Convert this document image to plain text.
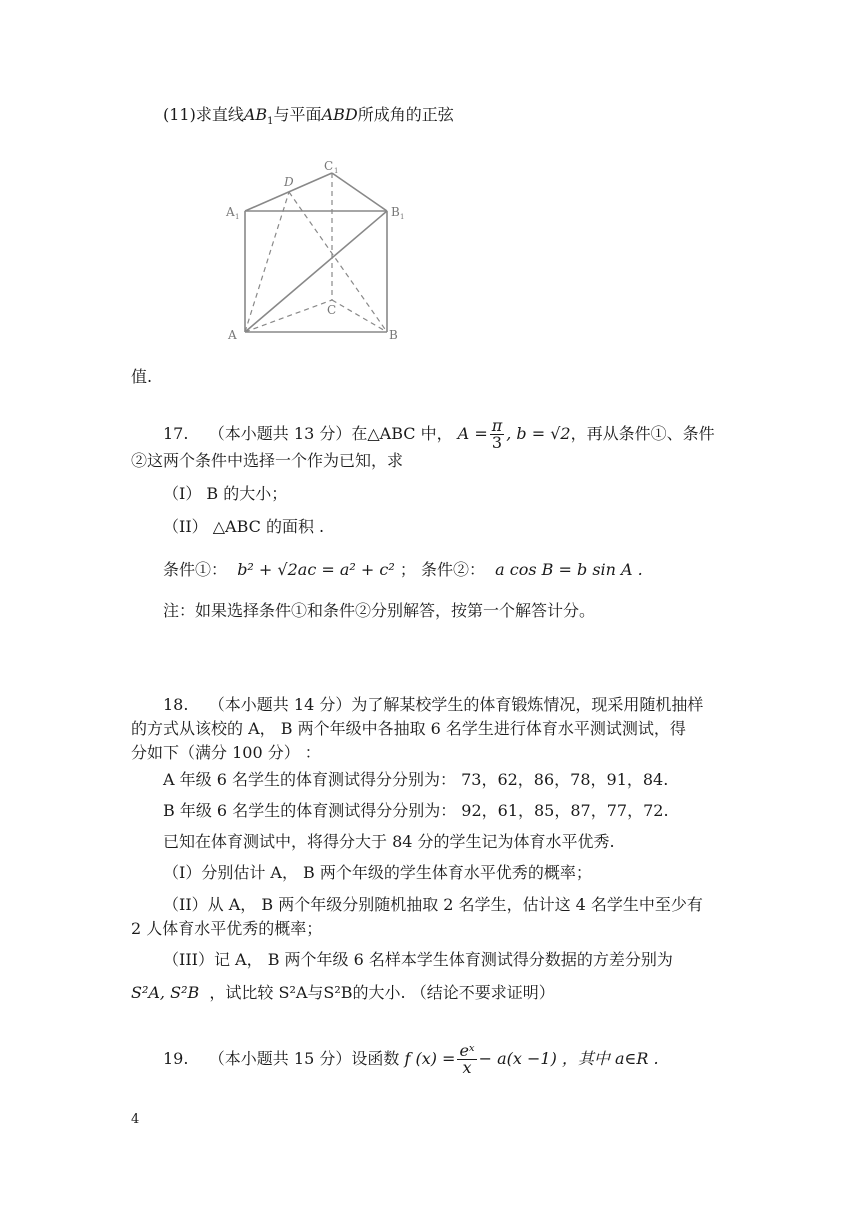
(11)求直线$AB_1$与平面ABD所成角的正弦
C 1
D
A 1	B 1
C
A	B
值.
17. （本小题共 13 分）在△ABC 中， $A = \frac{\pi}{3}$ , b = √2，再从条件①、条件
②这两个条件中选择一个作为已知，求
（I） B 的大小；
（II） △ABC 的面积 .
条件①： b² + √2ac = a² + c² ； 条件②： a cos B = b sin A .
注：如果选择条件①和条件②分别解答，按第一个解答计分。
18. （本小题共 14 分）为了解某校学生的体育锻炼情况，现采用随机抽样
的方式从该校的 A， B 两个年级中各抽取 6 名学生进行体育水平测试测试，得
分如下（满分 100 分） ：
A 年级 6 名学生的体育测试得分分别为： 73，62，86，78，91，84.
B 年级 6 名学生的体育测试得分分别为： 92，61，85，87，77，72.
已知在体育测试中，将得分大于 84 分的学生记为体育水平优秀.
（I）分别估计 A， B 两个年级的学生体育水平优秀的概率；
（II）从 A， B 两个年级分别随机抽取 2 名学生，估计这 4 名学生中至少有
2 人体育水平优秀的概率；
（III）记 A， B 两个年级 6 名样本学生体育测试得分数据的方差分别为
S²A, S²B ，试比较 S²A与S²B的大小. （结论不要求证明）
19. （本小题共 15 分）设函数 f $(x) = \frac{\text{eˣ}}{x} - a(x -1)$ ，其中 a∈R .
4
